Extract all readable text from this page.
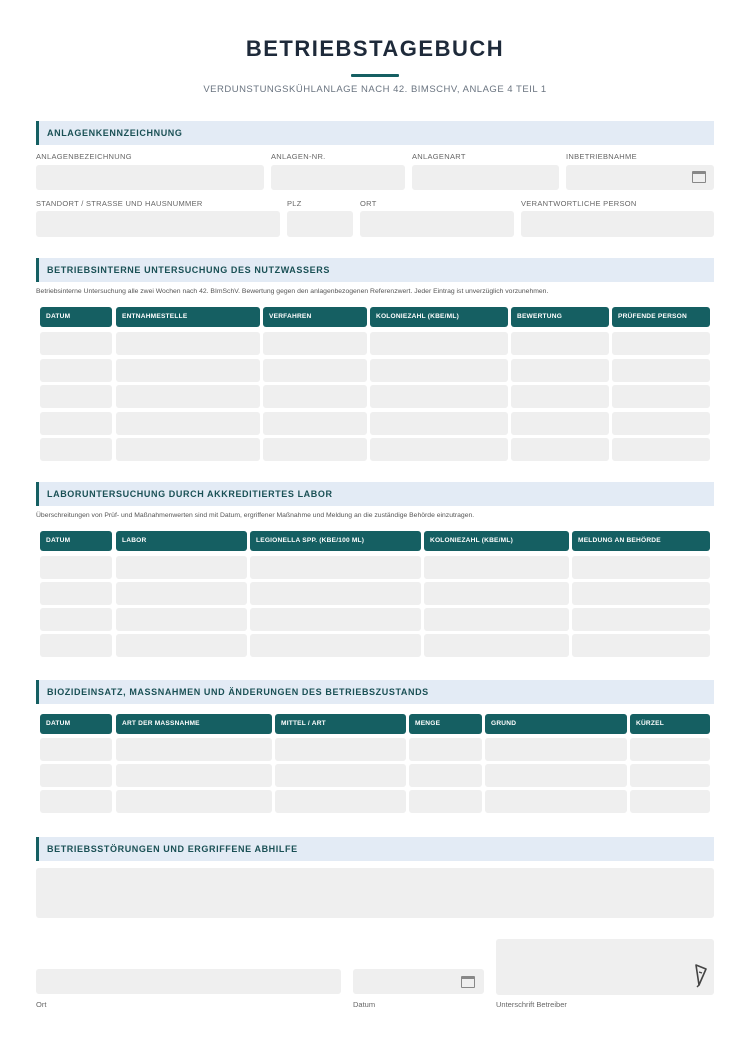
BETRIEBSTAGEBUCH
VERDUNSTUNGSKÜHLANLAGE NACH 42. BIMSCHV, ANLAGE 4 TEIL 1
ANLAGENKENNZEICHNUNG
ANLAGENBEZEICHNUNG	ANLAGEN-NR.	ANLAGENART	INBETRIEBNAHME
STANDORT / STRASSE UND HAUSNUMMER	PLZ	ORT	VERANTWORTLICHE PERSON
BETRIEBSINTERNE UNTERSUCHUNG DES NUTZWASSERS
Betriebsinterne Untersuchung alle zwei Wochen nach 42. BImSchV. Bewertung gegen den anlagenbezogenen Referenzwert. Jeder Eintrag ist unverzüglich vorzunehmen.
DATUM	ENTNAHMESTELLE	VERFAHREN	KOLONIEZAHL (KBE/ML)	BEWERTUNG	PRÜFENDE PERSON
LABORUNTERSUCHUNG DURCH AKKREDITIERTES LABOR
Überschreitungen von Prüf- und Maßnahmenwerten sind mit Datum, ergriffener Maßnahme und Meldung an die zuständige Behörde einzutragen.
DATUM	LABOR	LEGIONELLA SPP. (KBE/100 ML)	KOLONIEZAHL (KBE/ML)	MELDUNG AN BEHÖRDE
BIOZIDEINSATZ, MASSNAHMEN UND ÄNDERUNGEN DES BETRIEBSZUSTANDS
DATUM	ART DER MASSNAHME	MITTEL / ART	MENGE	GRUND	KÜRZEL
BETRIEBSSTÖRUNGEN UND ERGRIFFENE ABHILFE
Ort	Datum	Unterschrift Betreiber
